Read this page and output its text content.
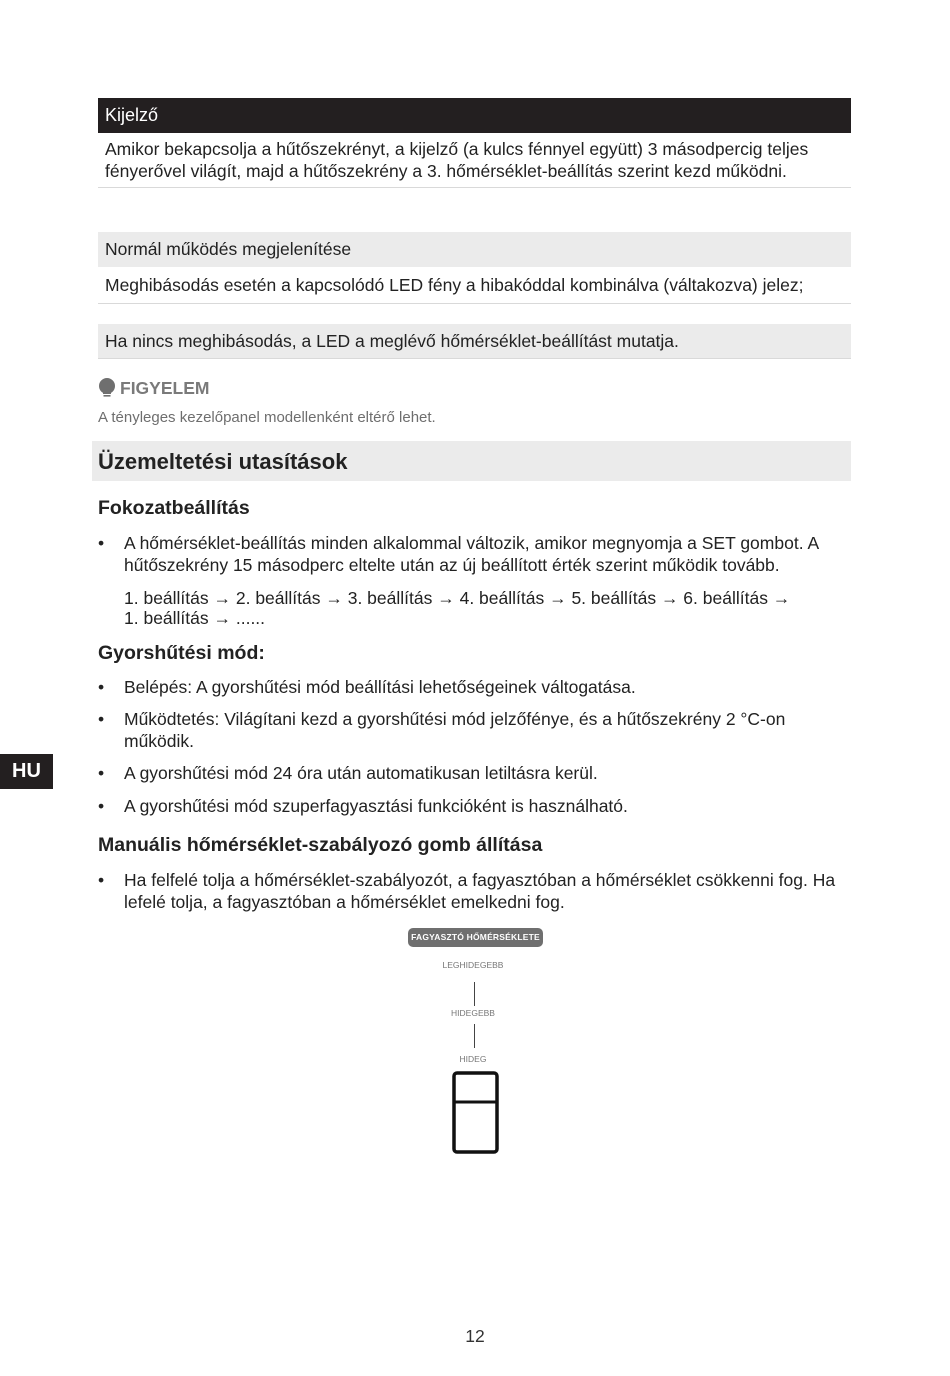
Kijelző
Amikor bekapcsolja a hűtőszekrényt, a kijelző (a kulcs fénnyel együtt) 3 másodpercig teljes fényerővel világít, majd a hűtőszekrény a 3. hőmérséklet-beállítás szerint kezd működni.
Normál működés megjelenítése
Meghibásodás esetén a kapcsolódó LED fény a hibakóddal kombinálva (váltakozva) jelez;
Ha nincs meghibásodás, a LED a meglévő hőmérséklet-beállítást mutatja.
FIGYELEM
A tényleges kezelőpanel modellenként eltérő lehet.
Üzemeltetési utasítások
Fokozatbeállítás
• A hőmérséklet-beállítás minden alkalommal változik, amikor megnyomja a SET gombot. A hűtőszekrény 15 másodperc eltelte után az új beállított érték szerint működik tovább.
1. beállítás → 2. beállítás → 3. beállítás → 4. beállítás → 5. beállítás → 6. beállítás →
1. beállítás → ......
Gyorshűtési mód:
• Belépés: A gyorshűtési mód beállítási lehetőségeinek váltogatása.
• Működtetés: Világítani kezd a gyorshűtési mód jelzőfénye, és a hűtőszekrény 2 °C-on működik.
• A gyorshűtési mód 24 óra után automatikusan letiltásra kerül.
• A gyorshűtési mód szuperfagyasztási funkcióként is használható.
HU
Manuális hőmérséklet-szabályozó gomb állítása
• Ha felfelé tolja a hőmérséklet-szabályozót, a fagyasztóban a hőmérséklet csökkenni fog. Ha lefelé tolja, a fagyasztóban a hőmérséklet emelkedni fog.
FAGYASZTÓ HŐMÉRSÉKLETE
LEGHIDEGEBB
HIDEGEBB
HIDEG
12
